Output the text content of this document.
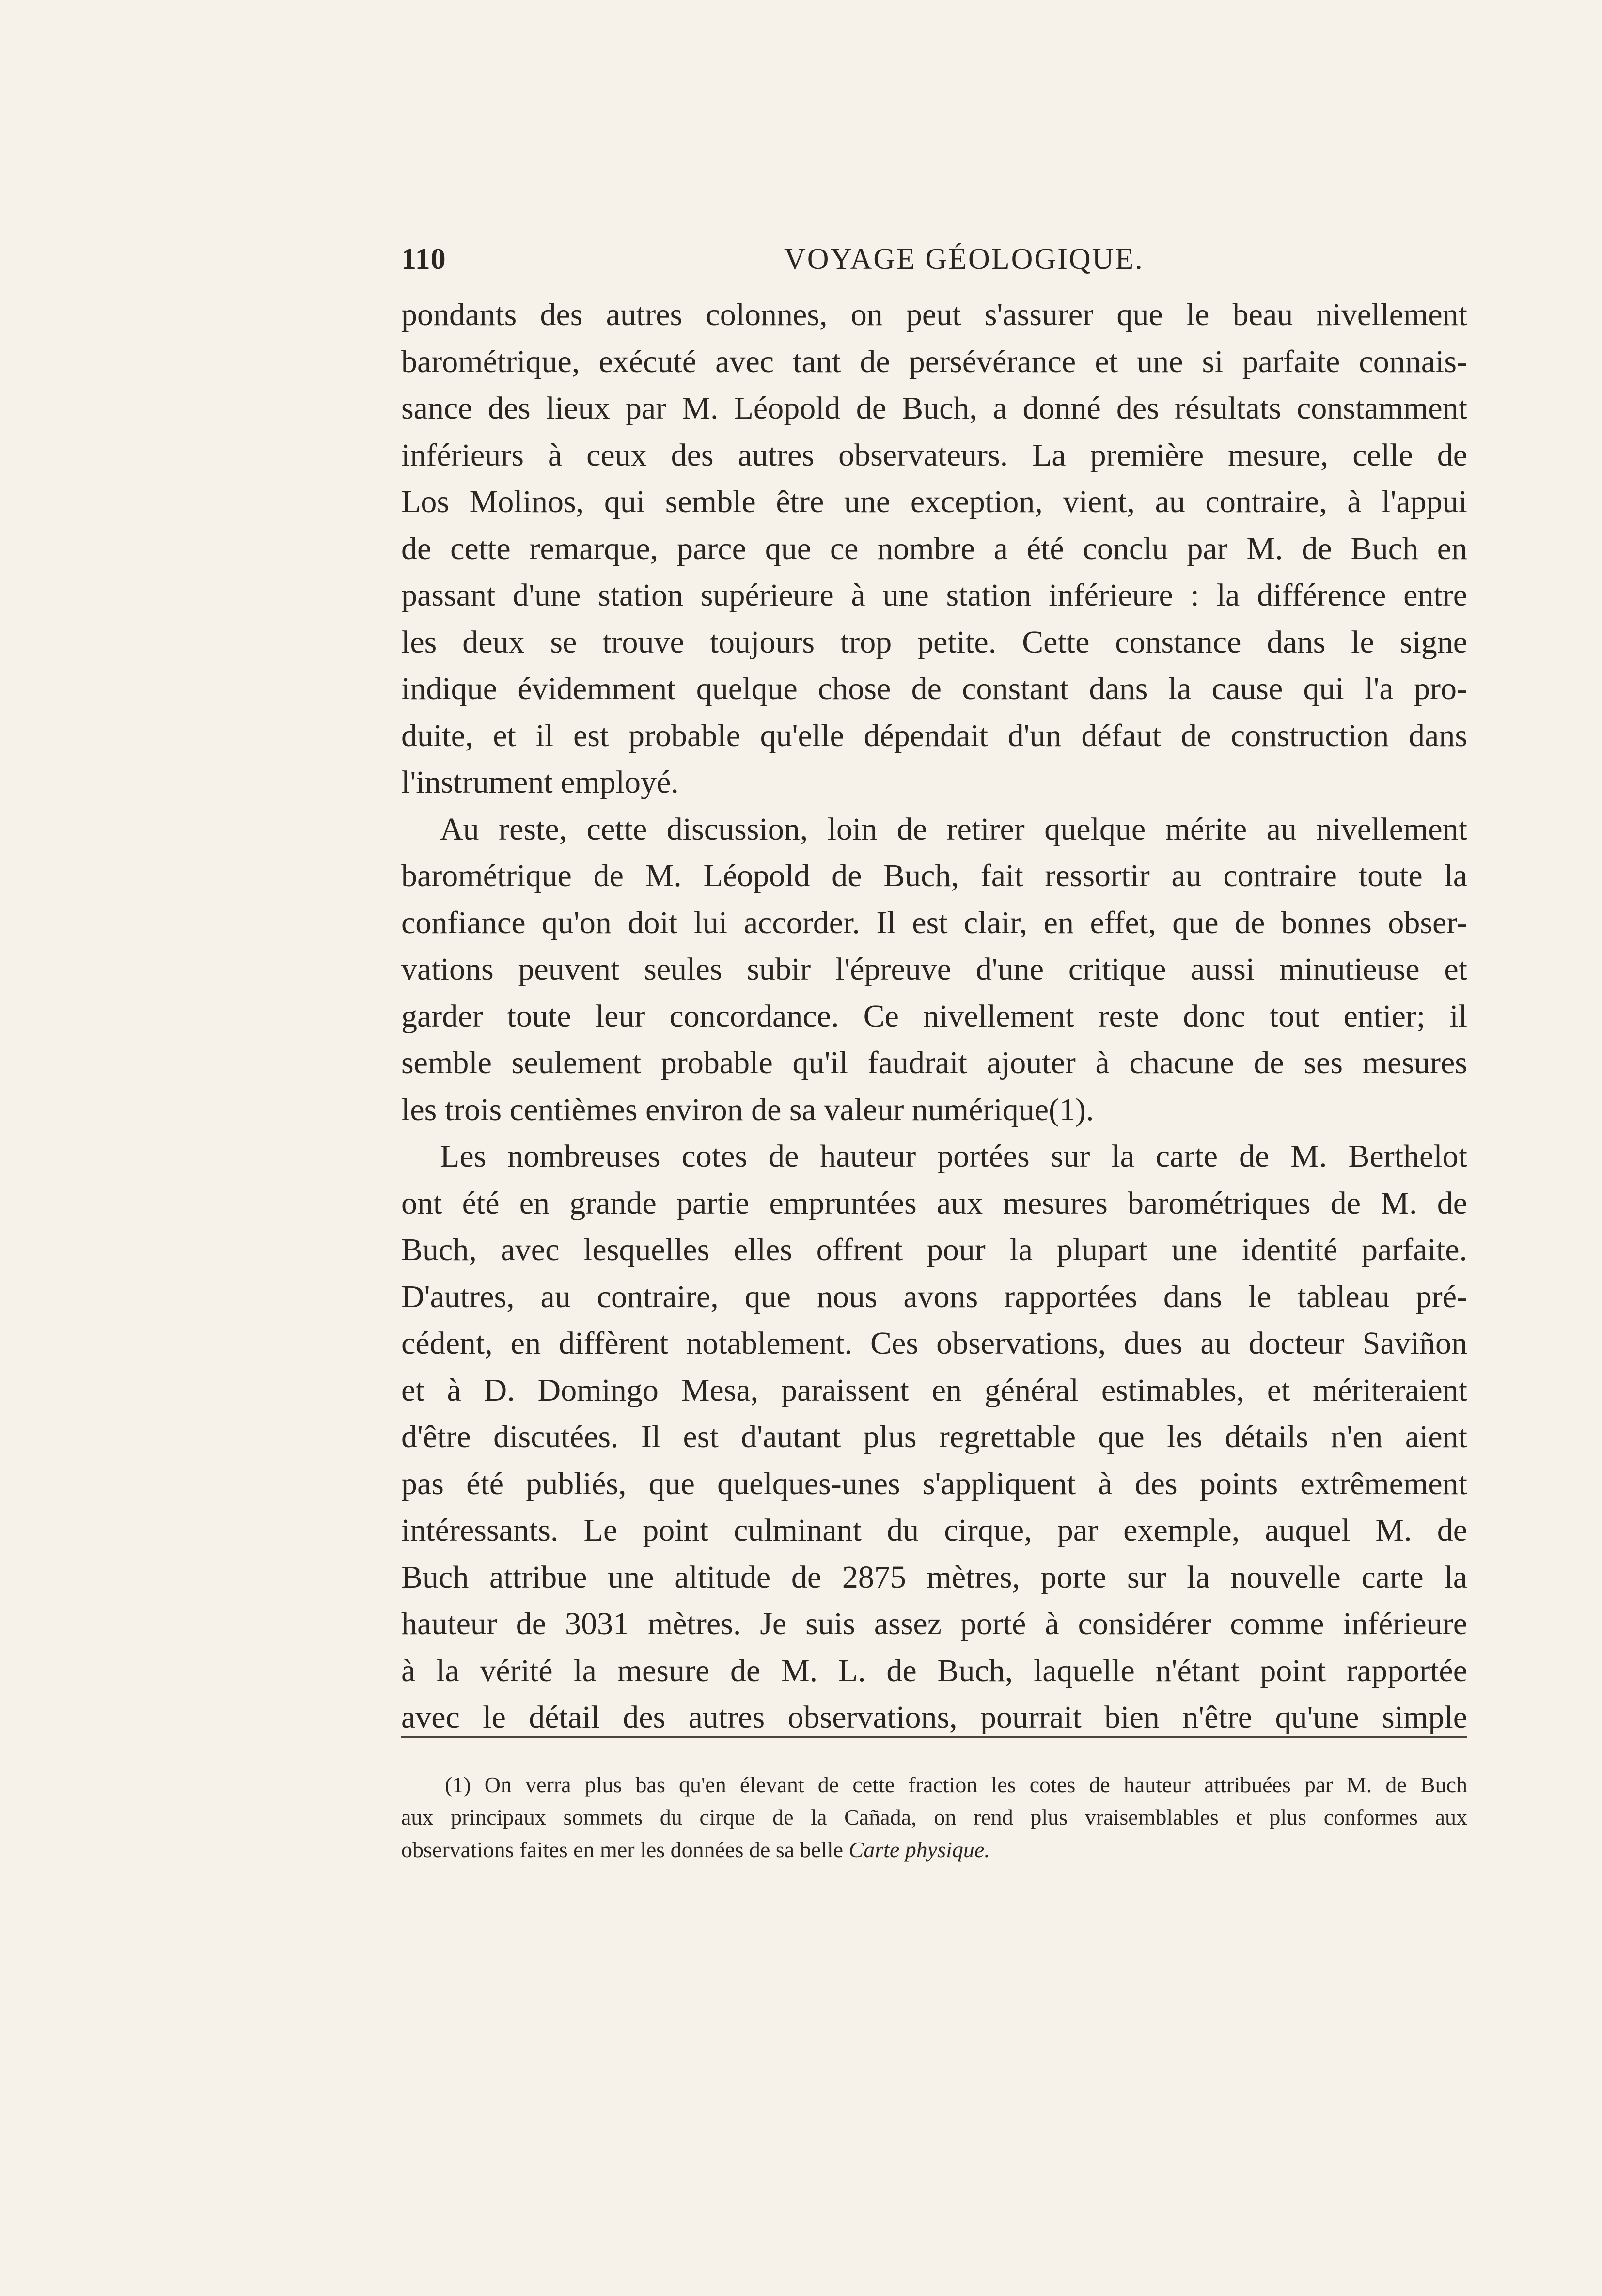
110	VOYAGE GÉOLOGIQUE.
pondants des autres colonnes, on peut s'assurer que le beau nivellement
barométrique, exécuté avec tant de persévérance et une si parfaite connais-
sance des lieux par M. Léopold de Buch, a donné des résultats constamment
inférieurs à ceux des autres observateurs. La première mesure, celle de
Los Molinos, qui semble être une exception, vient, au contraire, à l'appui
de cette remarque, parce que ce nombre a été conclu par M. de Buch en
passant d'une station supérieure à une station inférieure : la différence entre
les deux se trouve toujours trop petite. Cette constance dans le signe
indique évidemment quelque chose de constant dans la cause qui l'a pro-
duite, et il est probable qu'elle dépendait d'un défaut de construction dans
l'instrument employé.
Au reste, cette discussion, loin de retirer quelque mérite au nivellement
barométrique de M. Léopold de Buch, fait ressortir au contraire toute la
confiance qu'on doit lui accorder. Il est clair, en effet, que de bonnes obser-
vations peuvent seules subir l'épreuve d'une critique aussi minutieuse et
garder toute leur concordance. Ce nivellement reste donc tout entier; il
semble seulement probable qu'il faudrait ajouter à chacune de ses mesures
les trois centièmes environ de sa valeur numérique(1).
Les nombreuses cotes de hauteur portées sur la carte de M. Berthelot
ont été en grande partie empruntées aux mesures barométriques de M. de
Buch, avec lesquelles elles offrent pour la plupart une identité parfaite.
D'autres, au contraire, que nous avons rapportées dans le tableau pré-
cédent, en diffèrent notablement. Ces observations, dues au docteur Saviñon
et à D. Domingo Mesa, paraissent en général estimables, et mériteraient
d'être discutées. Il est d'autant plus regrettable que les détails n'en aient
pas été publiés, que quelques-unes s'appliquent à des points extrêmement
intéressants. Le point culminant du cirque, par exemple, auquel M. de
Buch attribue une altitude de 2875 mètres, porte sur la nouvelle carte la
hauteur de 3031 mètres. Je suis assez porté à considérer comme inférieure
à la vérité la mesure de M. L. de Buch, laquelle n'étant point rapportée
avec le détail des autres observations, pourrait bien n'être qu'une simple
(1) On verra plus bas qu'en élevant de cette fraction les cotes de hauteur attribuées par M. de Buch
aux principaux sommets du cirque de la Cañada, on rend plus vraisemblables et plus conformes aux
observations faites en mer les données de sa belle Carte physique.
